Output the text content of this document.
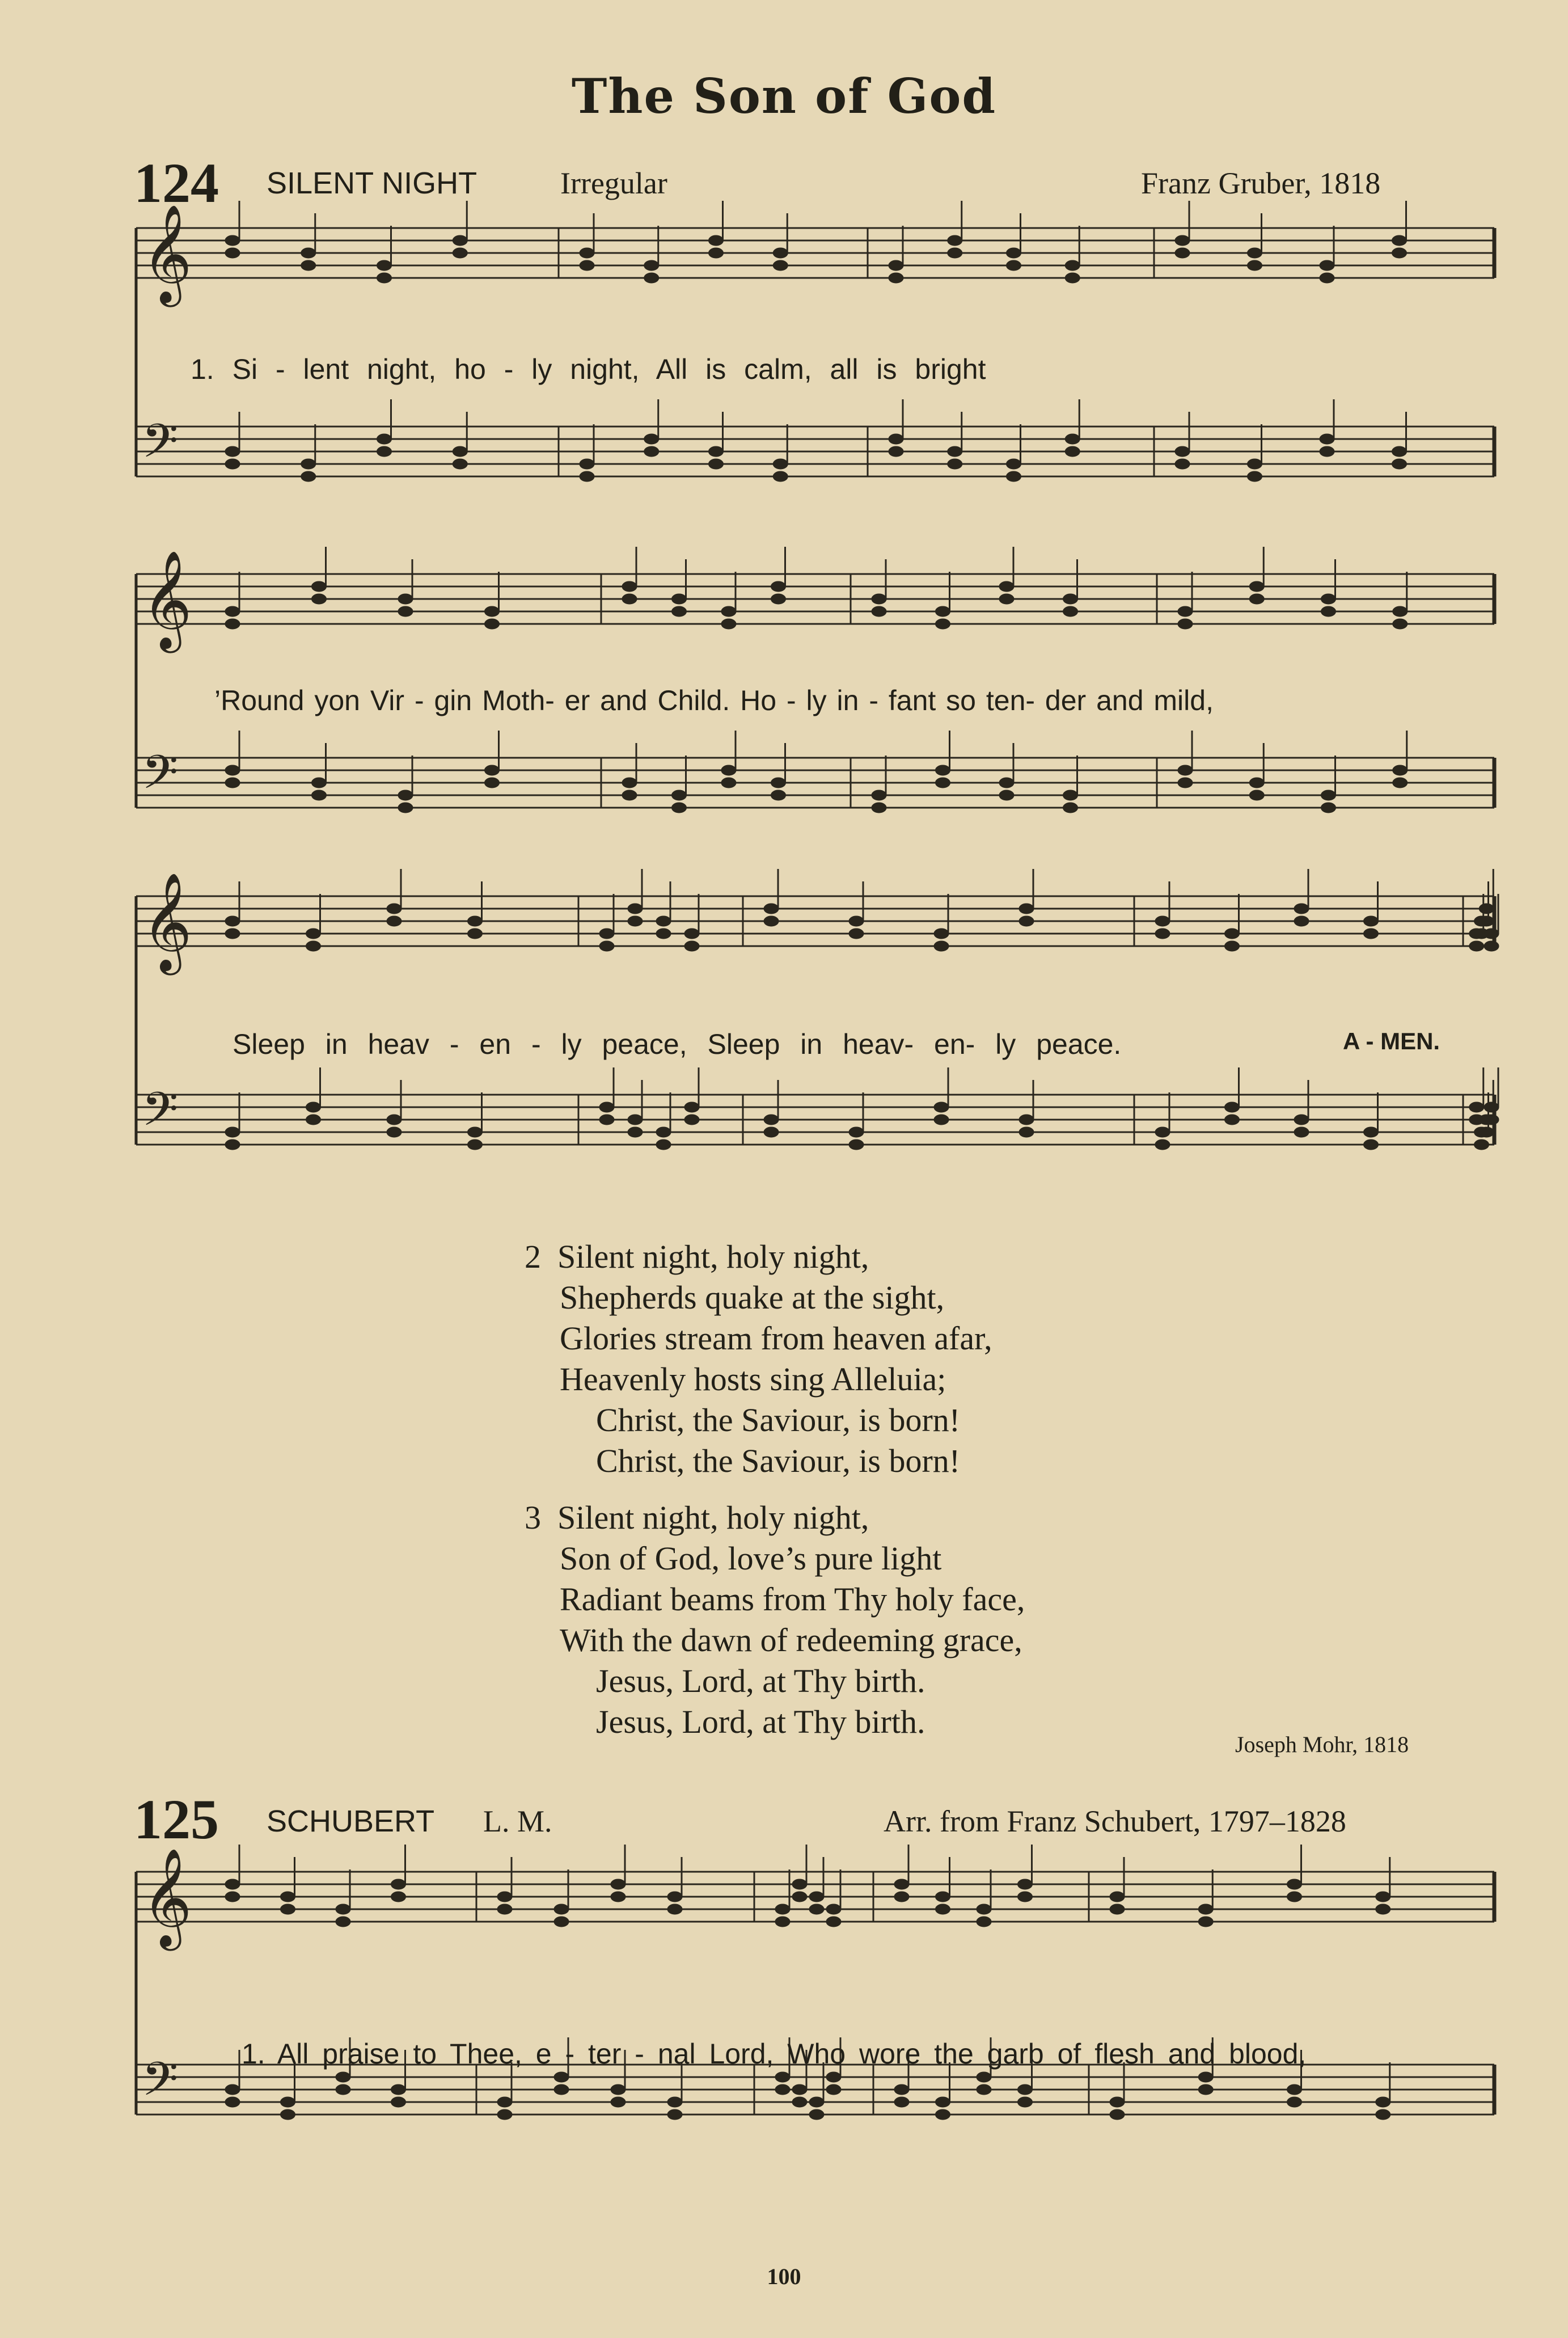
𝄞
𝄢
𝄞
𝄢
𝄞
𝄢
𝄞
𝄢
The Son of God
124 SILENT NIGHT	Irregular	Franz Gruber, 1818
1. Si - lent night, ho - ly night, All is calm, all is bright
’Round yon Vir - gin Moth- er and Child. Ho - ly in - fant so ten- der and mild,
Sleep in heav - en - ly peace, Sleep in heav- en- ly peace.	A - MEN.
2 Silent night, holy night,
Shepherds quake at the sight,
Glories stream from heaven afar,
Heavenly hosts sing Alleluia;
Christ, the Saviour, is born!
Christ, the Saviour, is born!
3 Silent night, holy night,
Son of God, love’s pure light
Radiant beams from Thy holy face,
With the dawn of redeeming grace,
Jesus, Lord, at Thy birth.
Jesus, Lord, at Thy birth.
Joseph Mohr, 1818
125 SCHUBERT L. M.	Arr. from Franz Schubert, 1797–1828
1. All praise to Thee, e - ter - nal Lord, Who wore the garb of flesh and blood,
100
